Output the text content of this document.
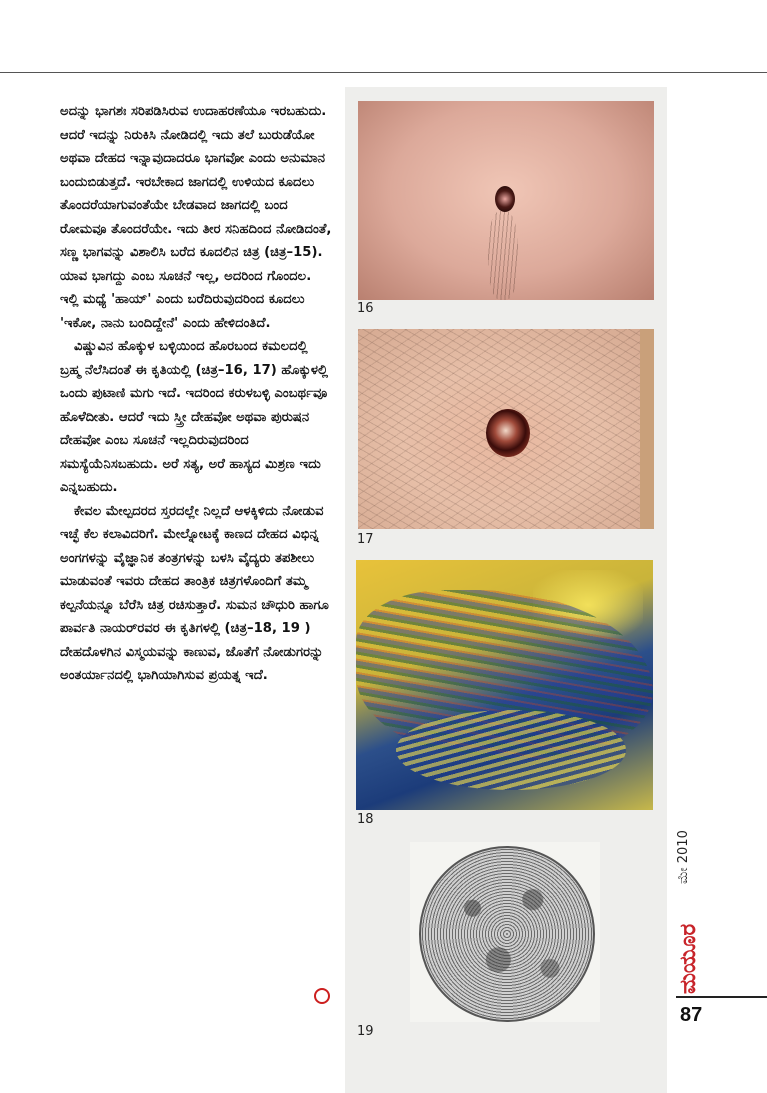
ಅದನ್ನು ಭಾಗಶಃ ಸರಿಪಡಿಸಿರುವ ಉದಾಹರಣೆಯೂ ಇರಬಹುದು. ಆದರೆ ಇದನ್ನು ನಿರುಕಿಸಿ ನೋಡಿದಲ್ಲಿ ಇದು ತಲೆ ಬುರುಡೆಯೋ ಅಥವಾ ದೇಹದ ಇನ್ನಾವುದಾದರೂ ಭಾಗವೋ ಎಂದು ಅನುಮಾನ ಬಂದುಬಿಡುತ್ತದೆ. ಇರಬೇಕಾದ ಜಾಗದಲ್ಲಿ ಉಳಿಯದ ಕೂದಲು ತೊಂದರೆಯಾಗುವಂತೆಯೇ ಬೇಡವಾದ ಜಾಗದಲ್ಲಿ ಬಂದ ರೋಮವೂ ತೊಂದರೆಯೇ. ಇದು ತೀರ ಸನಿಹದಿಂದ ನೋಡಿದಂತೆ, ಸಣ್ಣ ಭಾಗವನ್ನು ವಿಶಾಲಿಸಿ ಬರೆದ ಕೂದಲಿನ ಚಿತ್ರ (ಚಿತ್ರ–15). ಯಾವ ಭಾಗದ್ದು ಎಂಬ ಸೂಚನೆ ಇಲ್ಲ, ಅದರಿಂದ ಗೊಂದಲ. ಇಲ್ಲಿ ಮಧ್ಯೆ 'ಹಾಯ್' ಎಂದು ಬರೆದಿರುವುದರಿಂದ ಕೂದಲು 'ಇಕೋ, ನಾನು ಬಂದಿದ್ದೇನೆ' ಎಂದು ಹೇಳಿದಂತಿದೆ.

ವಿಷ್ಣುವಿನ ಹೊಕ್ಕುಳ ಬಳ್ಳಿಯಿಂದ ಹೊರಬಂದ ಕಮಲದಲ್ಲಿ ಬ್ರಹ್ಮ ನೆಲೆಸಿದಂತೆ ಈ ಕೃತಿಯಲ್ಲಿ (ಚಿತ್ರ–16, 17) ಹೊಕ್ಕುಳಲ್ಲಿ ಒಂದು ಪುಟಾಣಿ ಮಗು ಇದೆ. ಇದರಿಂದ ಕರುಳಬಳ್ಳಿ ಎಂಬರ್ಥವೂ ಹೊಳೆದೀತು. ಆದರೆ ಇದು ಸ್ತ್ರೀ ದೇಹವೋ ಅಥವಾ ಪುರುಷನ ದೇಹವೋ ಎಂಬ ಸೂಚನೆ ಇಲ್ಲದಿರುವುದರಿಂದ ಸಮಸ್ಯೆಯೆನಿಸಬಹುದು. ಅರೆ ಸತ್ಯ, ಅರೆ ಹಾಸ್ಯದ ಮಿಶ್ರಣ ಇದು ಎನ್ನಬಹುದು.

ಕೇವಲ ಮೇಲ್ಪದರದ ಸ್ತರದಲ್ಲೇ ನಿಲ್ಲದೆ ಆಳಕ್ಕಿಳಿದು ನೋಡುವ ಇಚ್ಛೆ ಕೆಲ ಕಲಾವಿದರಿಗೆ. ಮೇಲ್ನೋಟಕ್ಕೆ ಕಾಣದ ದೇಹದ ವಿಭಿನ್ನ ಅಂಗಗಳನ್ನು ವೈಜ್ಞಾನಿಕ ತಂತ್ರಗಳನ್ನು ಬಳಸಿ ವೈದ್ಯರು ತಪಶೀಲು ಮಾಡುವಂತೆ ಇವರು ದೇಹದ ತಾಂತ್ರಿಕ ಚಿತ್ರಗಳೊಂದಿಗೆ ತಮ್ಮ ಕಲ್ಪನೆಯನ್ನೂ ಬೆರೆಸಿ ಚಿತ್ರ ರಚಿಸುತ್ತಾರೆ. ಸುಮನ ಚೌಧುರಿ ಹಾಗೂ ಪಾರ್ವತಿ ನಾಯರ್‌ರವರ ಈ ಕೃತಿಗಳಲ್ಲಿ (ಚಿತ್ರ–18, 19 ) ದೇಹದೊಳಗಿನ ವಿಸ್ಮಯವನ್ನು ಕಾಣುವ, ಜೊತೆಗೆ ನೋಡುಗರನ್ನು ಅಂತರ್ಯಾನದಲ್ಲಿ ಭಾಗಿಯಾಗಿಸುವ ಪ್ರಯತ್ನ ಇದೆ.

16
17
18
19
ಮೇ 2010
ಮಯೂರ
87
